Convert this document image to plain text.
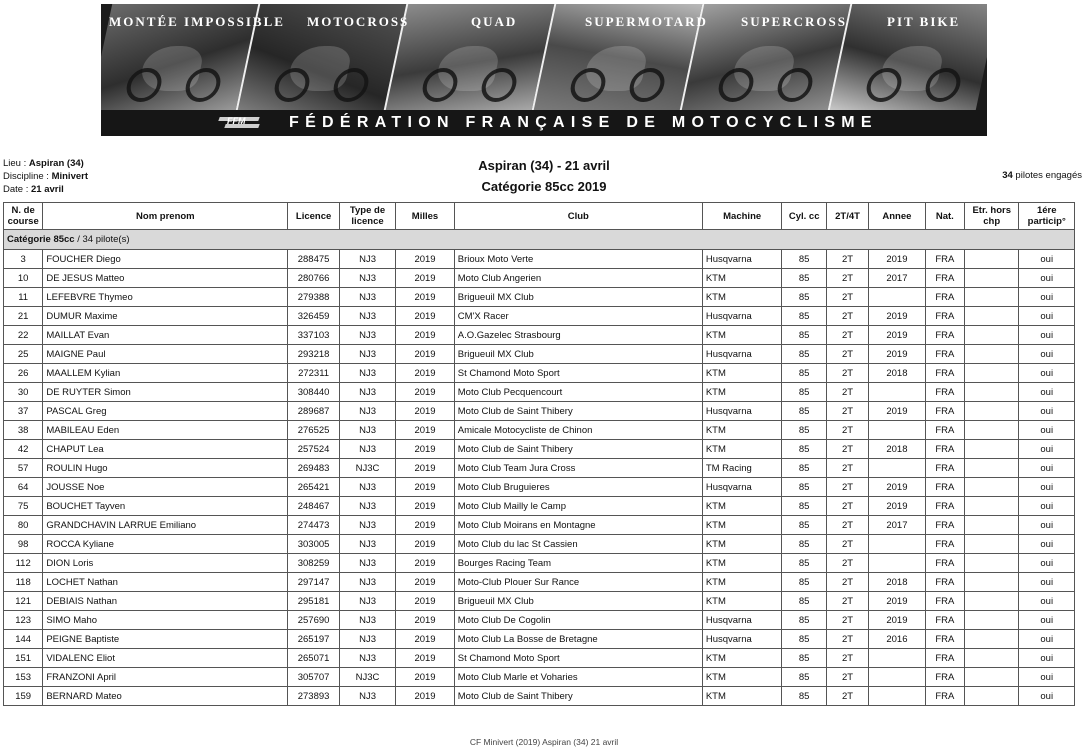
MONTÉE IMPOSSIBLE MOTOCROSS	QUAD	SUPERMOTARD	SUPERCROSS	PIT BIKE
FFM	FÉDÉRATION FRANÇAISE DE MOTOCYCLISME
Lieu : Aspiran (34)
Discipline : Minivert
Date : 21 avril
Aspiran (34) - 21 avril
Catégorie 85cc 2019
34 pilotes engagés
N. de course	Nom prenom	Licence	Type de licence	Milles	Club	Machine	Cyl. cc	2T/4T	Annee	Nat.	Etr. hors chp	1ére particip°
Catégorie 85cc / 34 pilote(s)												
3	FOUCHER Diego	288475	NJ3	2019	Brioux Moto Verte	Husqvarna	85	2T	2019	FRA		oui
10	DE JESUS Matteo	280766	NJ3	2019	Moto Club Angerien	KTM	85	2T	2017	FRA		oui
11	LEFEBVRE Thymeo	279388	NJ3	2019	Brigueuil MX Club	KTM	85	2T		FRA		oui
21	DUMUR Maxime	326459	NJ3	2019	CM'X Racer	Husqvarna	85	2T	2019	FRA		oui
22	MAILLAT Evan	337103	NJ3	2019	A.O.Gazelec Strasbourg	KTM	85	2T	2019	FRA		oui
25	MAIGNE Paul	293218	NJ3	2019	Brigueuil MX Club	Husqvarna	85	2T	2019	FRA		oui
26	MAALLEM Kylian	272311	NJ3	2019	St Chamond Moto Sport	KTM	85	2T	2018	FRA		oui
30	DE RUYTER Simon	308440	NJ3	2019	Moto Club Pecquencourt	KTM	85	2T		FRA		oui
37	PASCAL Greg	289687	NJ3	2019	Moto Club de Saint Thibery	Husqvarna	85	2T	2019	FRA		oui
38	MABILEAU Eden	276525	NJ3	2019	Amicale Motocycliste de Chinon	KTM	85	2T		FRA		oui
42	CHAPUT Lea	257524	NJ3	2019	Moto Club de Saint Thibery	KTM	85	2T	2018	FRA		oui
57	ROULIN Hugo	269483	NJ3C	2019	Moto Club Team Jura Cross	TM Racing	85	2T		FRA		oui
64	JOUSSE Noe	265421	NJ3	2019	Moto Club Bruguieres	Husqvarna	85	2T	2019	FRA		oui
75	BOUCHET Tayven	248467	NJ3	2019	Moto Club Mailly le Camp	KTM	85	2T	2019	FRA		oui
80	GRANDCHAVIN LARRUE Emiliano	274473	NJ3	2019	Moto Club Moirans en Montagne	KTM	85	2T	2017	FRA		oui
98	ROCCA Kyliane	303005	NJ3	2019	Moto Club du lac St Cassien	KTM	85	2T		FRA		oui
112	DION Loris	308259	NJ3	2019	Bourges Racing Team	KTM	85	2T		FRA		oui
118	LOCHET Nathan	297147	NJ3	2019	Moto-Club Plouer Sur Rance	KTM	85	2T	2018	FRA		oui
121	DEBIAIS Nathan	295181	NJ3	2019	Brigueuil MX Club	KTM	85	2T	2019	FRA		oui
123	SIMO Maho	257690	NJ3	2019	Moto Club De Cogolin	Husqvarna	85	2T	2019	FRA		oui
144	PEIGNE Baptiste	265197	NJ3	2019	Moto Club La Bosse de Bretagne	Husqvarna	85	2T	2016	FRA		oui
151	VIDALENC Eliot	265071	NJ3	2019	St Chamond Moto Sport	KTM	85	2T		FRA		oui
153	FRANZONI April	305707	NJ3C	2019	Moto Club Marle et Voharies	KTM	85	2T		FRA		oui
159	BERNARD Mateo	273893	NJ3	2019	Moto Club de Saint Thibery	KTM	85	2T		FRA		oui
CF Minivert (2019) Aspiran (34) 21 avril
